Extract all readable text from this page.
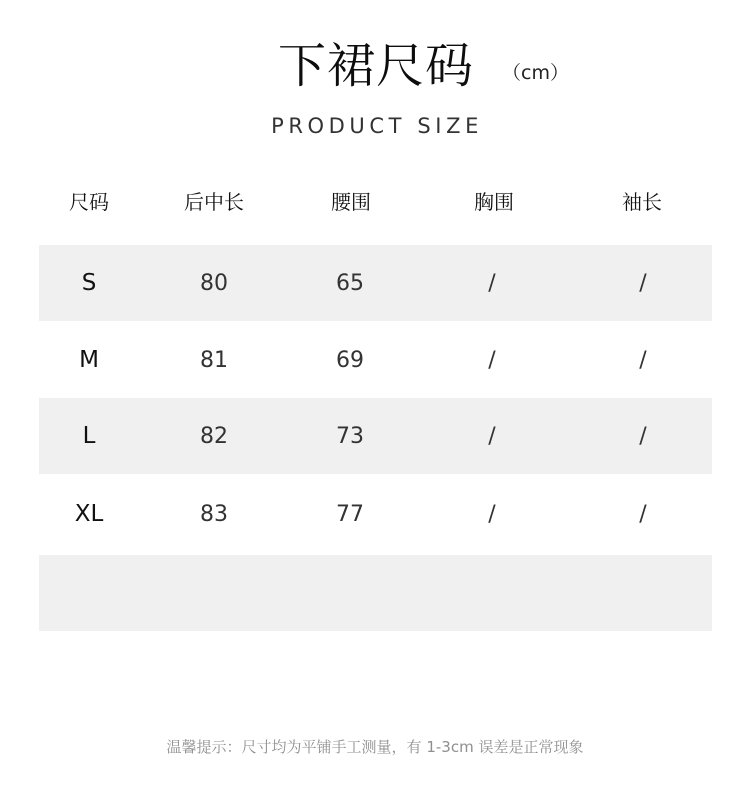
下裙尺码 （cm）
PRODUCT SIZE
尺码	后中长	腰围	胸围	袖长
S	80	65	/	/
M	81	69	/	/
L	82	73	/	/
XL	83	77	/	/
温馨提示：尺寸均为平铺手工测量，有 1-3cm 误差是正常现象
